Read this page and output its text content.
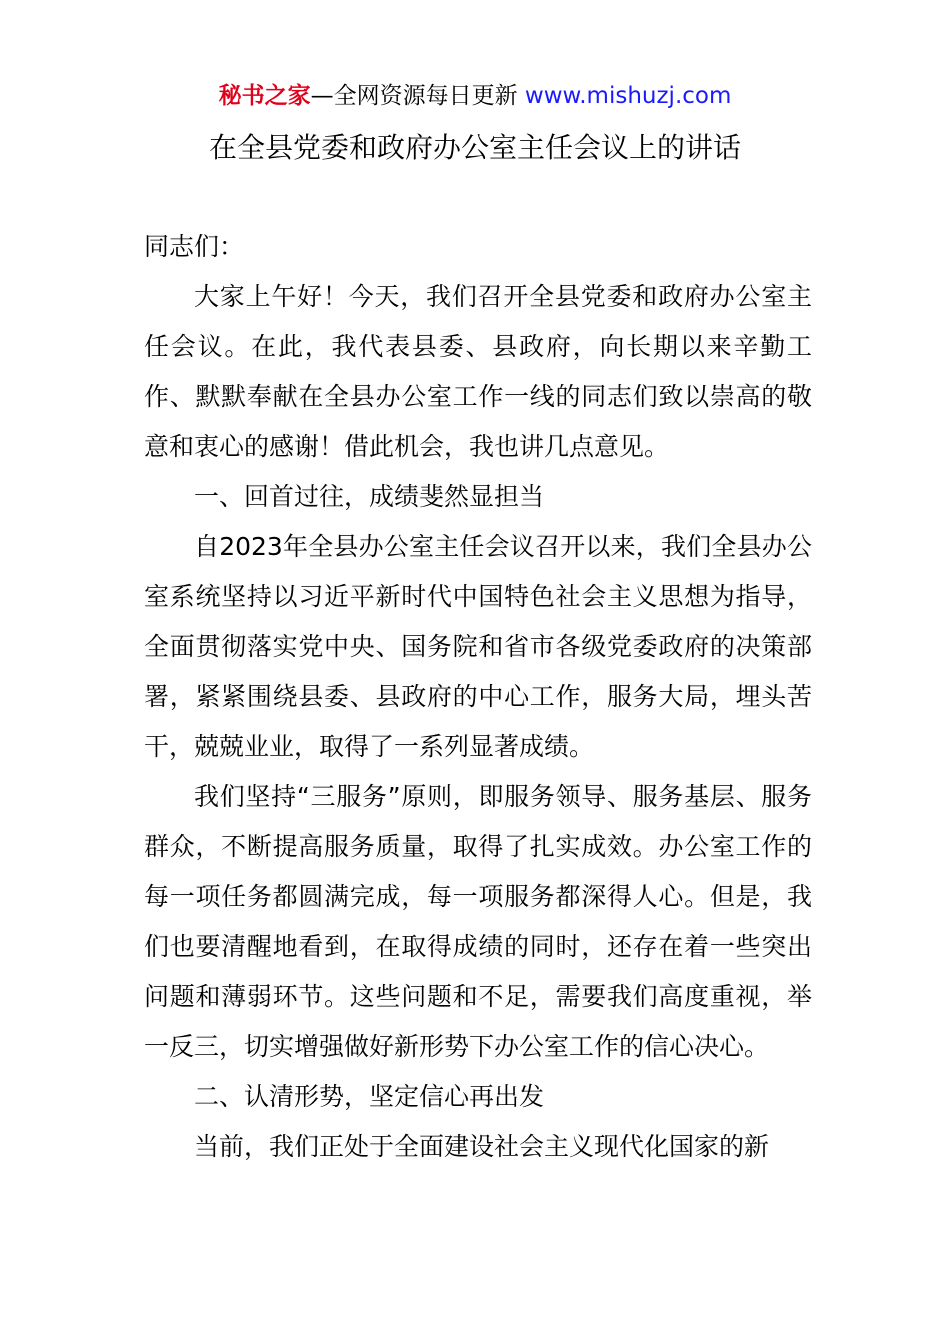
秘书之家—全网资源每日更新 www.mishuzj.com
在全县党委和政府办公室主任会议上的讲话

同志们：

大家上午好！今天，我们召开全县党委和政府办公室主任会议。在此，我代表县委、县政府，向长期以来辛勤工作、默默奉献在全县办公室工作一线的同志们致以崇高的敬意和衷心的感谢！借此机会，我也讲几点意见。

一、回首过往，成绩斐然显担当

自2023年全县办公室主任会议召开以来，我们全县办公室系统坚持以习近平新时代中国特色社会主义思想为指导，全面贯彻落实党中央、国务院和省市各级党委政府的决策部署，紧紧围绕县委、县政府的中心工作，服务大局，埋头苦干，兢兢业业，取得了一系列显著成绩。

我们坚持“三服务”原则，即服务领导、服务基层、服务群众，不断提高服务质量，取得了扎实成效。办公室工作的每一项任务都圆满完成，每一项服务都深得人心。但是，我们也要清醒地看到，在取得成绩的同时，还存在着一些突出问题和薄弱环节。这些问题和不足，需要我们高度重视，举一反三，切实增强做好新形势下办公室工作的信心决心。

二、认清形势，坚定信心再出发

当前，我们正处于全面建设社会主义现代化国家的新
